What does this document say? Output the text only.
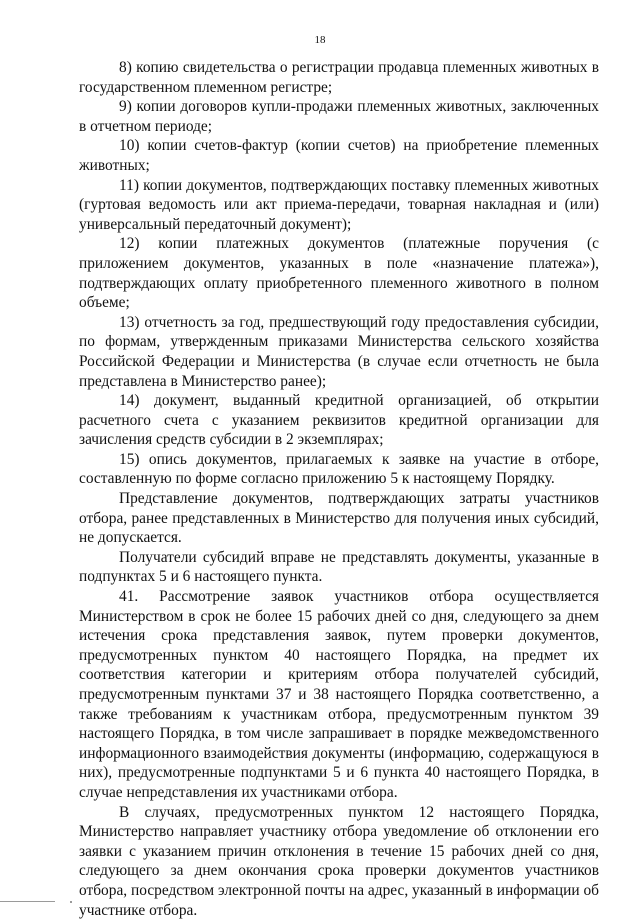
18

8) копию свидетельства о регистрации продавца племенных животных в государственном племенном регистре;

9) копии договоров купли-продажи племенных животных, заключенных в отчетном периоде;

10) копии счетов-фактур (копии счетов) на приобретение племенных животных;

11) копии документов, подтверждающих поставку племенных животных (гуртовая ведомость или акт приема-передачи, товарная накладная и (или) универсальный передаточный документ);

12) копии платежных документов (платежные поручения (с приложением документов, указанных в поле «назначение платежа»), подтверждающих оплату приобретенного племенного животного в полном объеме;

13) отчетность за год, предшествующий году предоставления субсидии, по формам, утвержденным приказами Министерства сельского хозяйства Российской Федерации и Министерства (в случае если отчетность не была представлена в Министерство ранее);

14) документ, выданный кредитной организацией, об открытии расчетного счета с указанием реквизитов кредитной организации для зачисления средств субсидии в 2 экземплярах;

15) опись документов, прилагаемых к заявке на участие в отборе, составленную по форме согласно приложению 5 к настоящему Порядку.

Представление документов, подтверждающих затраты участников отбора, ранее представленных в Министерство для получения иных субсидий, не допускается.

Получатели субсидий вправе не представлять документы, указанные в подпунктах 5 и 6 настоящего пункта.

41. Рассмотрение заявок участников отбора осуществляется Министерством в срок не более 15 рабочих дней со дня, следующего за днем истечения срока представления заявок, путем проверки документов, предусмотренных пунктом 40 настоящего Порядка, на предмет их соответствия категории и критериям отбора получателей субсидий, предусмотренным пунктами 37 и 38 настоящего Порядка соответственно, а также требованиям к участникам отбора, предусмотренным пунктом 39 настоящего Порядка, в том числе запрашивает в порядке межведомственного информационного взаимодействия документы (информацию, содержащуюся в них), предусмотренные подпунктами 5 и 6 пункта 40 настоящего Порядка, в случае непредставления их участниками отбора.

В случаях, предусмотренных пунктом 12 настоящего Порядка, Министерство направляет участнику отбора уведомление об отклонении его заявки с указанием причин отклонения в течение 15 рабочих дней со дня, следующего за днем окончания срока проверки документов участников отбора, посредством электронной почты на адрес, указанный в информации об участнике отбора.
